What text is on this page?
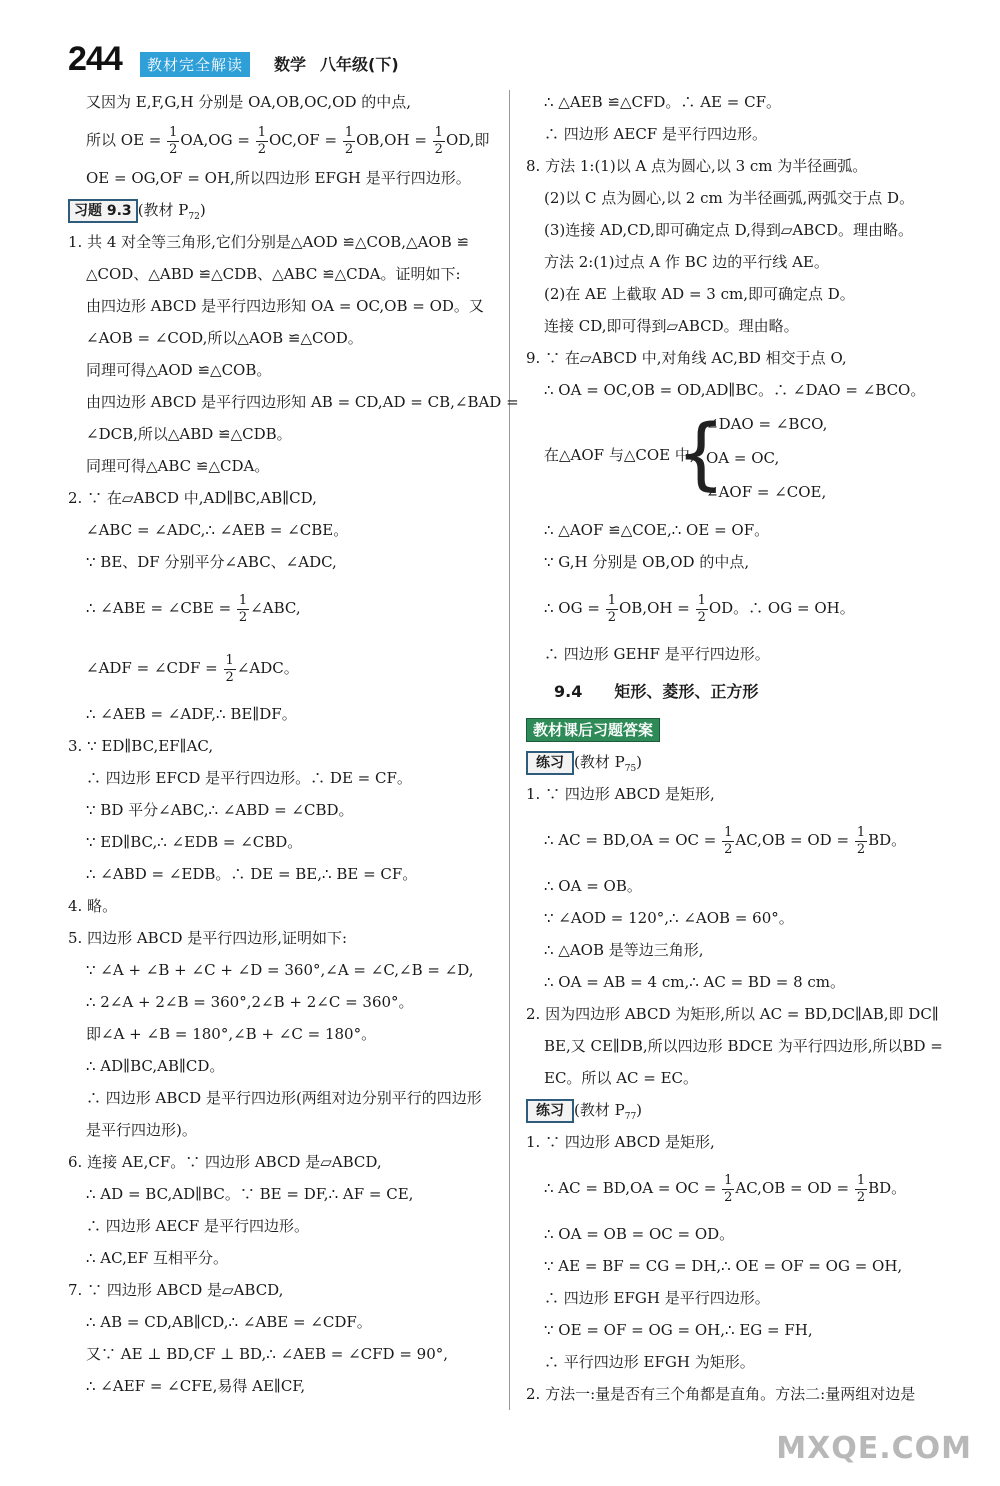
244	教材完全解读	数学 八年级(下)
又因为 E,F,G,H 分别是 OA,OB,OC,OD 的中点,
所以 OE = $\frac{1}{2} OA,OG = \frac{1}{2} OC,OF = \frac{1}{2} OB,OH = \frac{1}{2}$ OD,即
OE = OG,OF = OH,所以四边形 EFGH 是平行四边形。
习题 9.3 (教材 $P_{72}$)
1. 共 4 对全等三角形,它们分别是△AOD ≌△COB,△AOB ≌
△COD、△ABD ≌△CDB、△ABC ≌△CDA。证明如下:
由四边形 ABCD 是平行四边形知 OA = OC,OB = OD。又
∠AOB = ∠COD,所以△AOB ≌△COD。
同理可得△AOD ≌△COB。
由四边形 ABCD 是平行四边形知 AB = CD,AD = CB,∠BAD =
∠DCB,所以△ABD ≌△CDB。
同理可得△ABC ≌△CDA。
2. ∵ 在▱ABCD 中,AD∥BC,AB∥CD,
∠ABC = ∠ADC,∴ ∠AEB = ∠CBE。
∵ BE、DF 分别平分∠ABC、∠ADC,
∴ ∠ABE = ∠CBE = $\frac{1}{2}$ ∠ABC,
∠ADF = ∠CDF = $\frac{1}{2}$ ∠ADC。
∴ ∠AEB = ∠ADF,∴ BE∥DF。
3. ∵ ED∥BC,EF∥AC,
∴ 四边形 EFCD 是平行四边形。∴ DE = CF。
∵ BD 平分∠ABC,∴ ∠ABD = ∠CBD。
∵ ED∥BC,∴ ∠EDB = ∠CBD。
∴ ∠ABD = ∠EDB。∴ DE = BE,∴ BE = CF。
4. 略。
5. 四边形 ABCD 是平行四边形,证明如下:
∵ ∠A + ∠B + ∠C + ∠D = 360°,∠A = ∠C,∠B = ∠D,
∴ 2∠A + 2∠B = 360°,2∠B + 2∠C = 360°。
即∠A + ∠B = 180°,∠B + ∠C = 180°。
∴ AD∥BC,AB∥CD。
∴ 四边形 ABCD 是平行四边形(两组对边分别平行的四边形
是平行四边形)。
6. 连接 AE,CF。∵ 四边形 ABCD 是▱ABCD,
∴ AD = BC,AD∥BC。∵ BE = DF,∴ AF = CE,
∴ 四边形 AECF 是平行四边形。
∴ AC,EF 互相平分。
7. ∵ 四边形 ABCD 是▱ABCD,
∴ AB = CD,AB∥CD,∴ ∠ABE = ∠CDF。
又∵ AE ⊥ BD,CF ⊥ BD,∴ ∠AEB = ∠CFD = 90°,
∴ ∠AEF = ∠CFE,易得 AE∥CF,
∴ △AEB ≌△CFD。∴ AE = CF。
∴ 四边形 AECF 是平行四边形。
8. 方法 1:(1)以 A 点为圆心,以 3 cm 为半径画弧。
(2)以 C 点为圆心,以 2 cm 为半径画弧,两弧交于点 D。
(3)连接 AD,CD,即可确定点 D,得到▱ABCD。理由略。
方法 2:(1)过点 A 作 BC 边的平行线 AE。
(2)在 AE 上截取 AD = 3 cm,即可确定点 D。
连接 CD,即可得到▱ABCD。理由略。
9. ∵ 在▱ABCD 中,对角线 AC,BD 相交于点 O,
∴ OA = OC,OB = OD,AD∥BC。∴ ∠DAO = ∠BCO。
在△AOF 与△COE 中,
{
∠DAO = ∠BCO,
OA = OC,
∠AOF = ∠COE,
∴ △AOF ≌△COE,∴ OE = OF。
∵ G,H 分别是 OB,OD 的中点,
∴ OG = $\frac{1}{2} OB,OH = \frac{1}{2}$ OD。∴ OG = OH。
∴ 四边形 GEHF 是平行四边形。
9.4 矩形、菱形、正方形
教材课后习题答案
练习 (教材 $P_{75}$)
1. ∵ 四边形 ABCD 是矩形,
∴ AC = BD,OA = OC = $\frac{1}{2} AC,OB$ = OD = $\frac{1}{2}$ BD。
∴ OA = OB。
∵ ∠AOD = 120°,∴ ∠AOB = 60°。
∴ △AOB 是等边三角形,
∴ OA = AB = 4 cm,∴ AC = BD = 8 cm。
2. 因为四边形 ABCD 为矩形,所以 AC = BD,DC∥AB,即 DC∥
BE,又 CE∥DB,所以四边形 BDCE 为平行四边形,所以BD =
EC。所以 AC = EC。
练习 (教材 $P_{77}$)
1. ∵ 四边形 ABCD 是矩形,
∴ AC = BD,OA = OC = $\frac{1}{2} AC,OB$ = OD = $\frac{1}{2}$ BD。
∴ OA = OB = OC = OD。
∵ AE = BF = CG = DH,∴ OE = OF = OG = OH,
∴ 四边形 EFGH 是平行四边形。
∵ OE = OF = OG = OH,∴ EG = FH,
∴ 平行四边形 EFGH 为矩形。
2. 方法一:量是否有三个角都是直角。方法二:量两组对边是
MXQE.COM
